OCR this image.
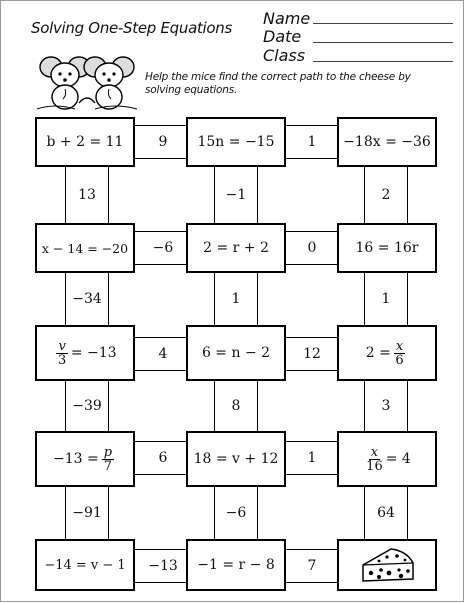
Solving One-Step Equations Name
Date
Class
Help the mice find the correct path to the cheese by solving equations.
13	−1	2
−34	1	1
−39	8	3
−91	−6	64
9	1
−6	0
4	12
6	1
−13	7
b + 2 = 11	15n = −15	−18x = −36
x − 14 = −20	2 = r + 2	16 = 16r
$\frac{v}{3} = -13$	6 = n − 2	$2 = \frac{x}{6}$
$-13 = \frac{p}{7}$	18 = v + 12	$\frac{x}{16} = 4$
−14 = v − 1	−1 = r − 8
